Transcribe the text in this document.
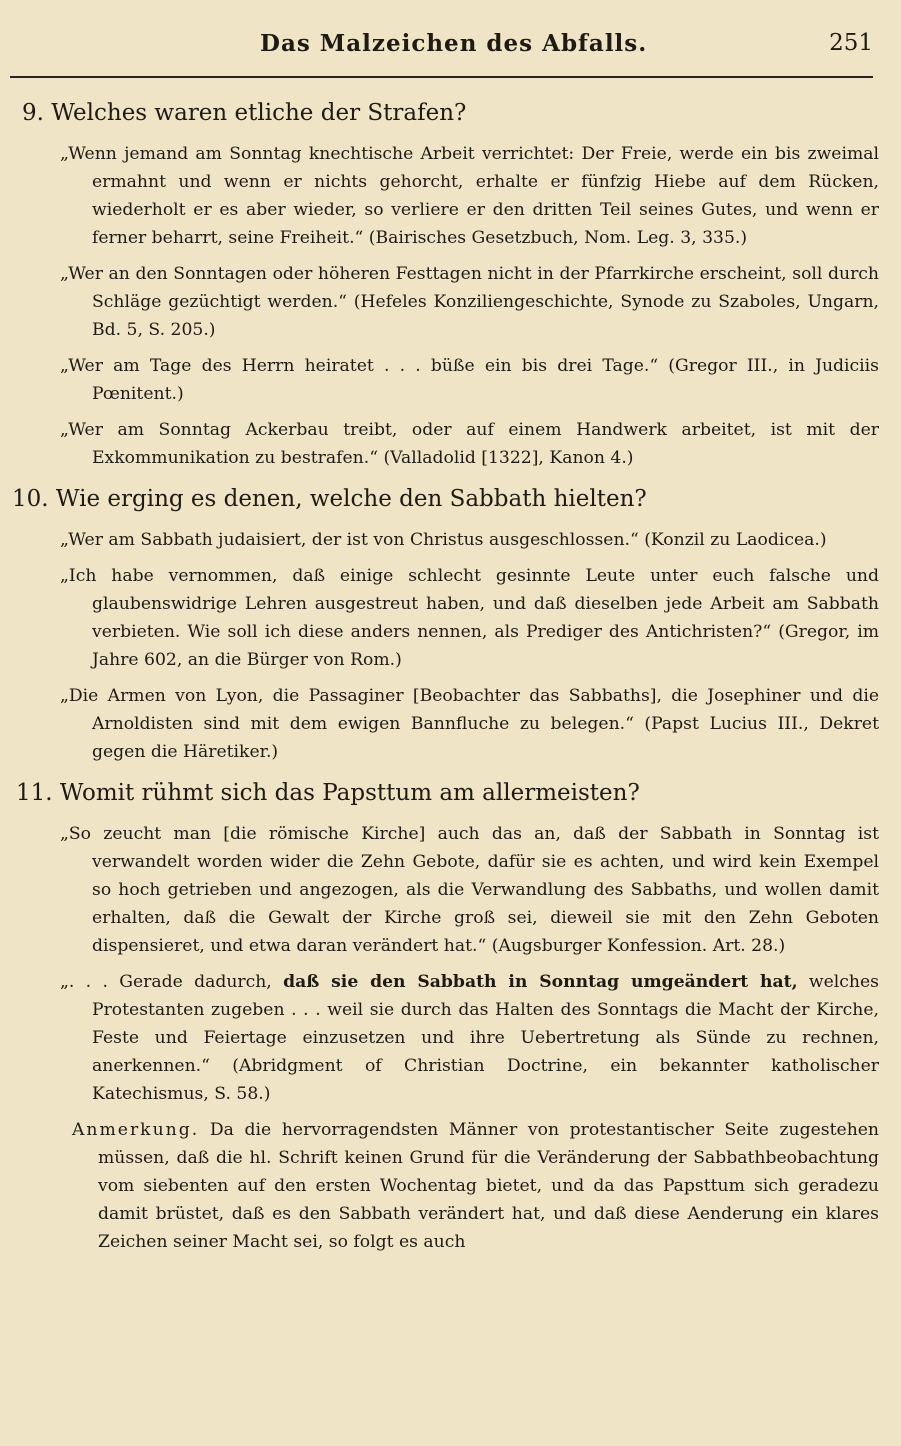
Das Malzeichen des Abfalls.	251

9. Welches waren etliche der Strafen?

„Wenn jemand am Sonntag knechtische Arbeit verrichtet: Der Freie, werde ein bis zweimal ermahnt und wenn er nichts gehorcht, erhalte er fünfzig Hiebe auf dem Rücken, wiederholt er es aber wieder, so verliere er den dritten Teil seines Gutes, und wenn er ferner beharrt, seine Freiheit.“ (Bairisches Gesetzbuch, Nom. Leg. 3, 335.)

„Wer an den Sonntagen oder höheren Festtagen nicht in der Pfarrkirche erscheint, soll durch Schläge gezüchtigt werden.“ (Hefeles Konziliengeschichte, Synode zu Szaboles, Ungarn, Bd. 5, S. 205.)

„Wer am Tage des Herrn heiratet . . . büße ein bis drei Tage.“ (Gregor III., in Judiciis Pœnitent.)

„Wer am Sonntag Ackerbau treibt, oder auf einem Handwerk arbeitet, ist mit der Exkommunikation zu bestrafen.“ (Valladolid [1322], Kanon 4.)

10. Wie erging es denen, welche den Sabbath hielten?

„Wer am Sabbath judaisiert, der ist von Christus ausgeschlossen.“ (Konzil zu Laodicea.)

„Ich habe vernommen, daß einige schlecht gesinnte Leute unter euch falsche und glaubenswidrige Lehren ausgestreut haben, und daß dieselben jede Arbeit am Sabbath verbieten. Wie soll ich diese anders nennen, als Prediger des Antichristen?“ (Gregor, im Jahre 602, an die Bürger von Rom.)

„Die Armen von Lyon, die Passaginer [Beobachter das Sabbaths], die Josephiner und die Arnoldisten sind mit dem ewigen Bannfluche zu belegen.“ (Papst Lucius III., Dekret gegen die Häretiker.)

11. Womit rühmt sich das Papsttum am allermeisten?

„So zeucht man [die römische Kirche] auch das an, daß der Sabbath in Sonntag ist verwandelt worden wider die Zehn Gebote, dafür sie es achten, und wird kein Exempel so hoch getrieben und angezogen, als die Verwandlung des Sabbaths, und wollen damit erhalten, daß die Gewalt der Kirche groß sei, dieweil sie mit den Zehn Geboten dispensieret, und etwa daran verändert hat.“ (Augsburger Konfession. Art. 28.)

„. . . Gerade dadurch, daß sie den Sabbath in Sonntag umgeändert hat, welches Protestanten zugeben . . . weil sie durch das Halten des Sonntags die Macht der Kirche, Feste und Feiertage einzusetzen und ihre Uebertretung als Sünde zu rechnen, anerkennen.“ (Abridgment of Christian Doctrine, ein bekannter katholischer Katechismus, S. 58.)

Anmerkung. Da die hervorragendsten Männer von protestantischer Seite zugestehen müssen, daß die hl. Schrift keinen Grund für die Veränderung der Sabbathbeobachtung vom siebenten auf den ersten Wochentag bietet, und da das Papsttum sich geradezu damit brüstet, daß es den Sabbath verändert hat, und daß diese Aenderung ein klares Zeichen seiner Macht sei, so folgt es auch
